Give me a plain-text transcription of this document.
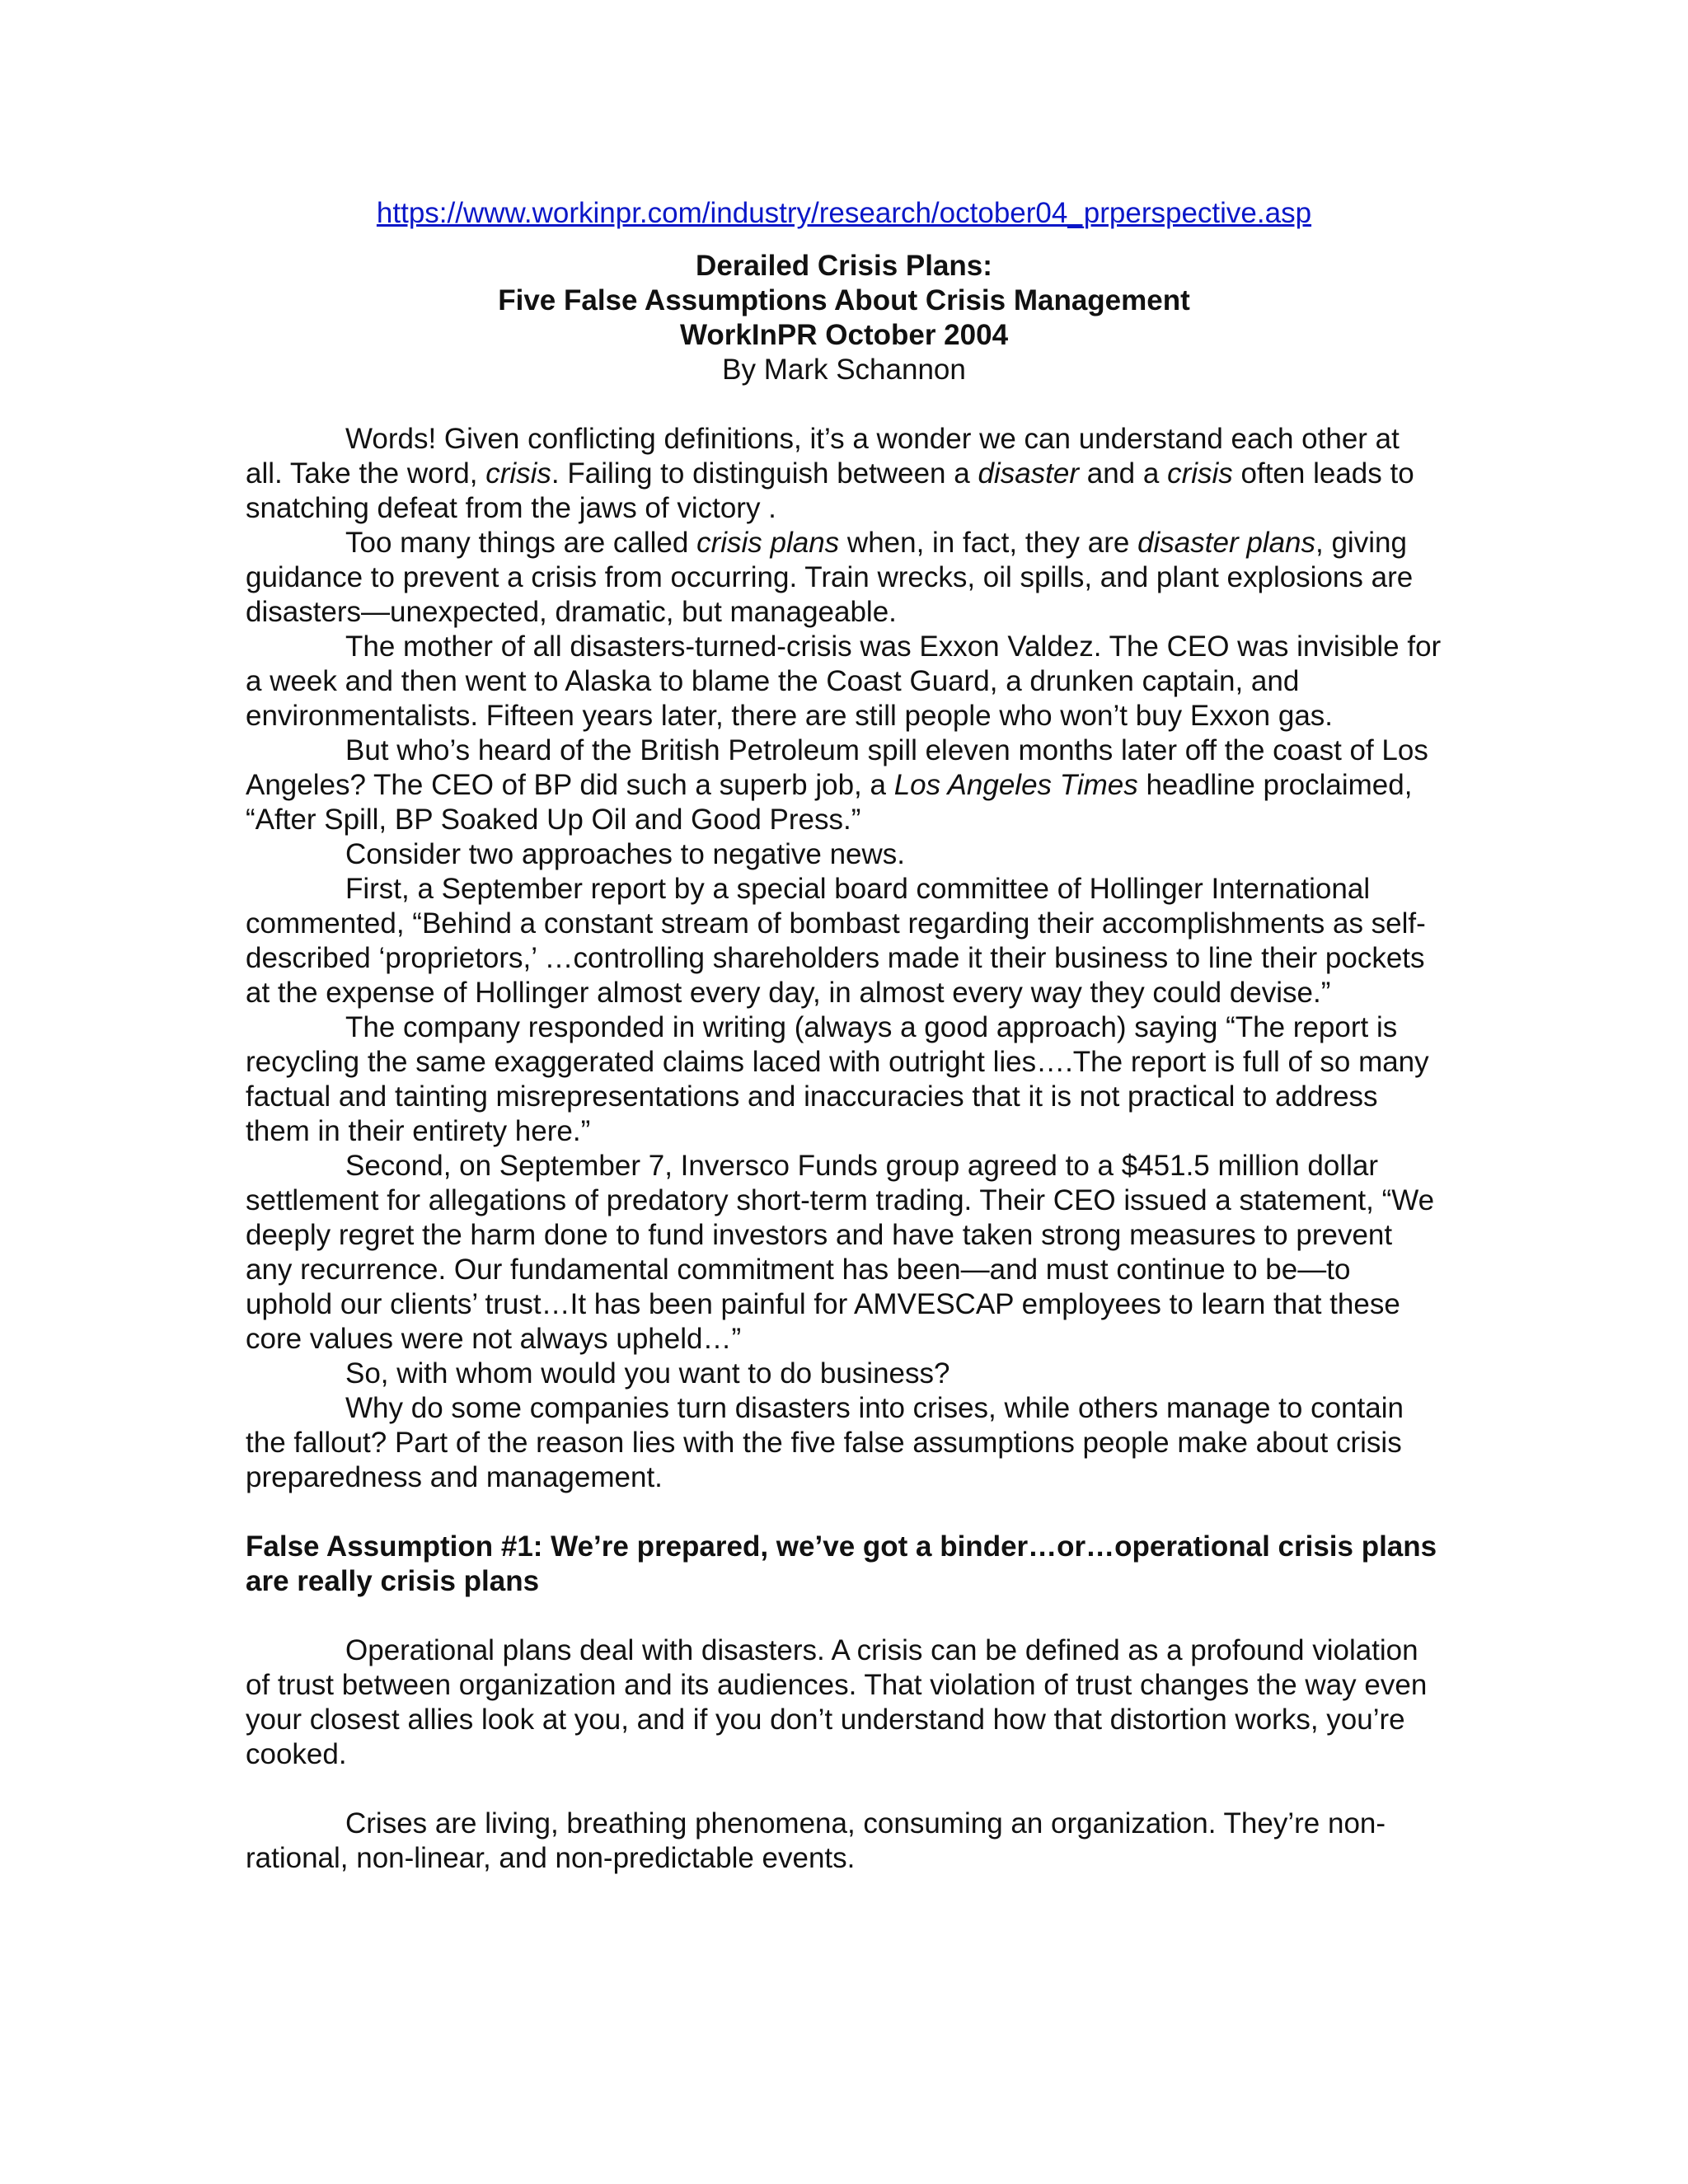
https://www.workinpr.com/industry/research/october04_prperspective.asp
Derailed Crisis Plans:
Five False Assumptions About Crisis Management
WorkInPR October 2004
By Mark Schannon

Words! Given conflicting definitions, it’s a wonder we can understand each other at all. Take the word, crisis. Failing to distinguish between a disaster and a crisis often leads to snatching defeat from the jaws of victory .

Too many things are called crisis plans when, in fact, they are disaster plans, giving guidance to prevent a crisis from occurring. Train wrecks, oil spills, and plant explosions are disasters—unexpected, dramatic, but manageable.

The mother of all disasters-turned-crisis was Exxon Valdez. The CEO was invisible for a week and then went to Alaska to blame the Coast Guard, a drunken captain, and environmentalists. Fifteen years later, there are still people who won’t buy Exxon gas.

But who’s heard of the British Petroleum spill eleven months later off the coast of Los Angeles? The CEO of BP did such a superb job, a Los Angeles Times headline proclaimed, “After Spill, BP Soaked Up Oil and Good Press.”

Consider two approaches to negative news.

First, a September report by a special board committee of Hollinger International commented, “Behind a constant stream of bombast regarding their accomplishments as self-described ‘proprietors,’ …controlling shareholders made it their business to line their pockets at the expense of Hollinger almost every day, in almost every way they could devise.”

The company responded in writing (always a good approach) saying “The report is recycling the same exaggerated claims laced with outright lies….The report is full of so many factual and tainting misrepresentations and inaccuracies that it is not practical to address them in their entirety here.”

Second, on September 7, Inversco Funds group agreed to a $451.5 million dollar settlement for allegations of predatory short-term trading. Their CEO issued a statement, “We deeply regret the harm done to fund investors and have taken strong measures to prevent any recurrence. Our fundamental commitment has been—and must continue to be—to uphold our clients’ trust…It has been painful for AMVESCAP employees to learn that these core values were not always upheld…”

So, with whom would you want to do business?

Why do some companies turn disasters into crises, while others manage to contain the fallout? Part of the reason lies with the five false assumptions people make about crisis preparedness and management.

False Assumption #1: We’re prepared, we’ve got a binder…or…operational crisis plans are really crisis plans

Operational plans deal with disasters. A crisis can be defined as a profound violation of trust between organization and its audiences. That violation of trust changes the way even your closest allies look at you, and if you don’t understand how that distortion works, you’re cooked.

Crises are living, breathing phenomena, consuming an organization. They’re non-rational, non-linear, and non-predictable events.
